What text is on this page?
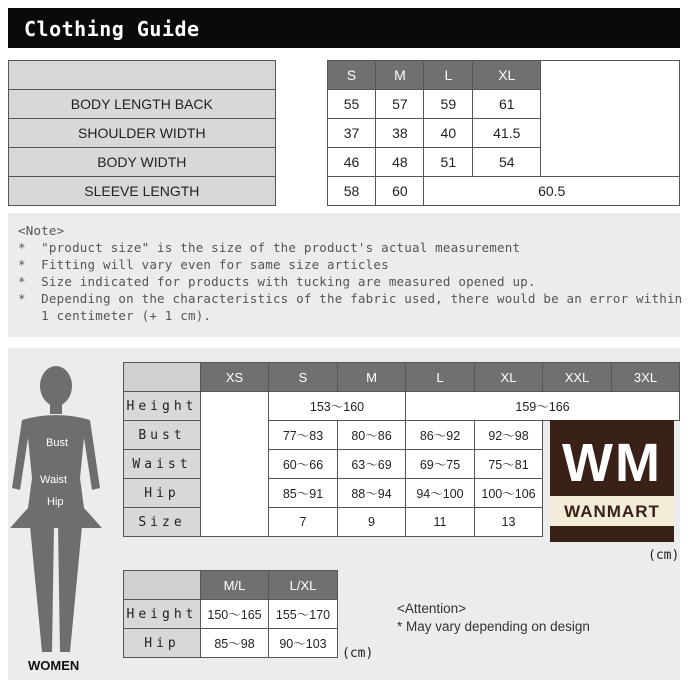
Clothing Guide
		S	M	L	XL	
BODY LENGTH BACK		55	57	59	61	
SHOULDER WIDTH		37	38	40	41.5	
BODY WIDTH		46	48	51	54	
SLEEVE LENGTH		58	60	60.5		
<Note>
*  "product size" is the size of the product's actual measurement
*  Fitting will vary even for same size articles
*  Size indicated for products with tucking are measured opened up.
*  Depending on the characteristics of the fabric used, there would be an error within
1 centimeter (+ 1 cm).
Bust
Waist
Hip
WOMEN
	XS	S	M	L	XL	XXL	3XL
Height		153～160		159～166			
Bust		77～83	80～86	86～92	92～98		
Waist		60～66	63～69	69～75	75～81		
Hip		85～91	88～94	94～100	100～106		
Size		7	9	11	13		
WM
WANMART
(cm)
	M/L	L/XL
Height	150～165	155～170
Hip	85～98	90～103
(cm)
<Attention>
* May vary depending on design
